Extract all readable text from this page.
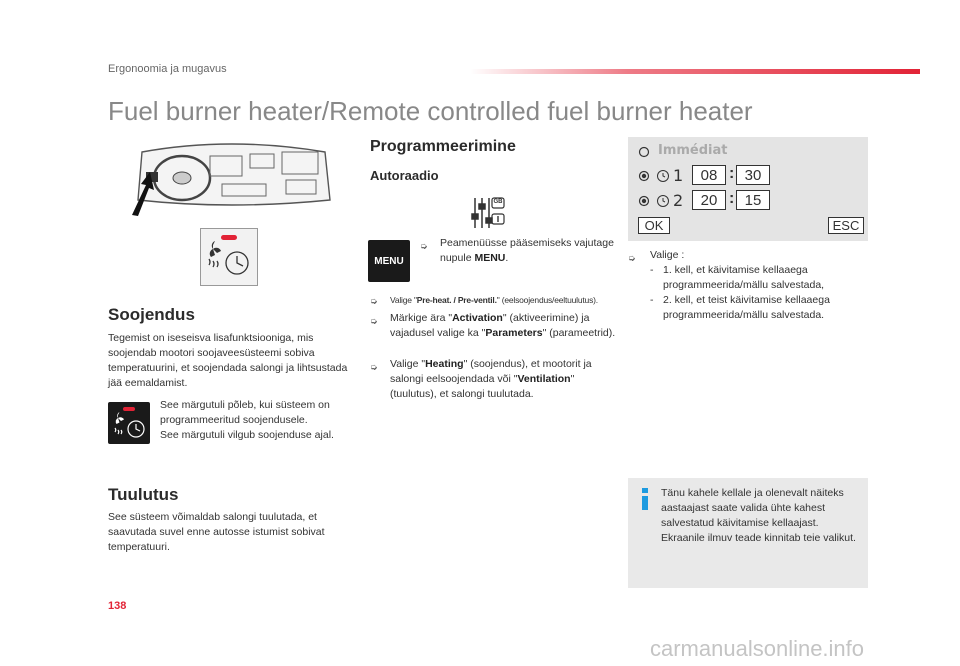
Ergonoomia ja mugavus
Fuel burner heater/Remote controlled fuel burner heater
Soojendus
Tegemist on iseseisva lisafunktsiooniga, mis soojendab mootori soojaveesüsteemi sobiva temperatuurini, et soojendada salongi ja lihtsustada jää eemaldamist.
See märgutuli põleb, kui süsteem on programmeeritud soojendusele.
See märgutuli vilgub soojenduse ajal.
Tuulutus
See süsteem võimaldab salongi tuulutada, et saavutada suvel enne autosse istumist sobivat temperatuuri.
Programmeerimine
Autoraadio
GB
MENU
➭ Peamenüüsse pääsemiseks vajutage nupule MENU.
➭ Valige "Pre-heat. / Pre-ventil." (eelsoojendus/eeltuulutus).
➭ Märkige ära "Activation" (aktiveerimine) ja vajadusel valige ka "Parameters" (parameetrid).
➭ Valige "Heating" (soojendus), et mootorit ja salongi eelsoojendada või "Ventilation" (tuulutus), et salongi tuulutada.
Immédiat
1	08 : 30
2	20 : 15
OK	ESC
➭ Valige :
- 1. kell, et käivitamise kellaaega programmeerida/mällu salvestada,
- 2. kell, et teist käivitamise kellaaega programmeerida/mällu salvestada.
Tänu kahele kellale ja olenevalt näiteks aastaajast saate valida ühte kahest salvestatud käivitamise kellaajast. Ekraanile ilmuv teade kinnitab teie valikut.
138
carmanualsonline.info
